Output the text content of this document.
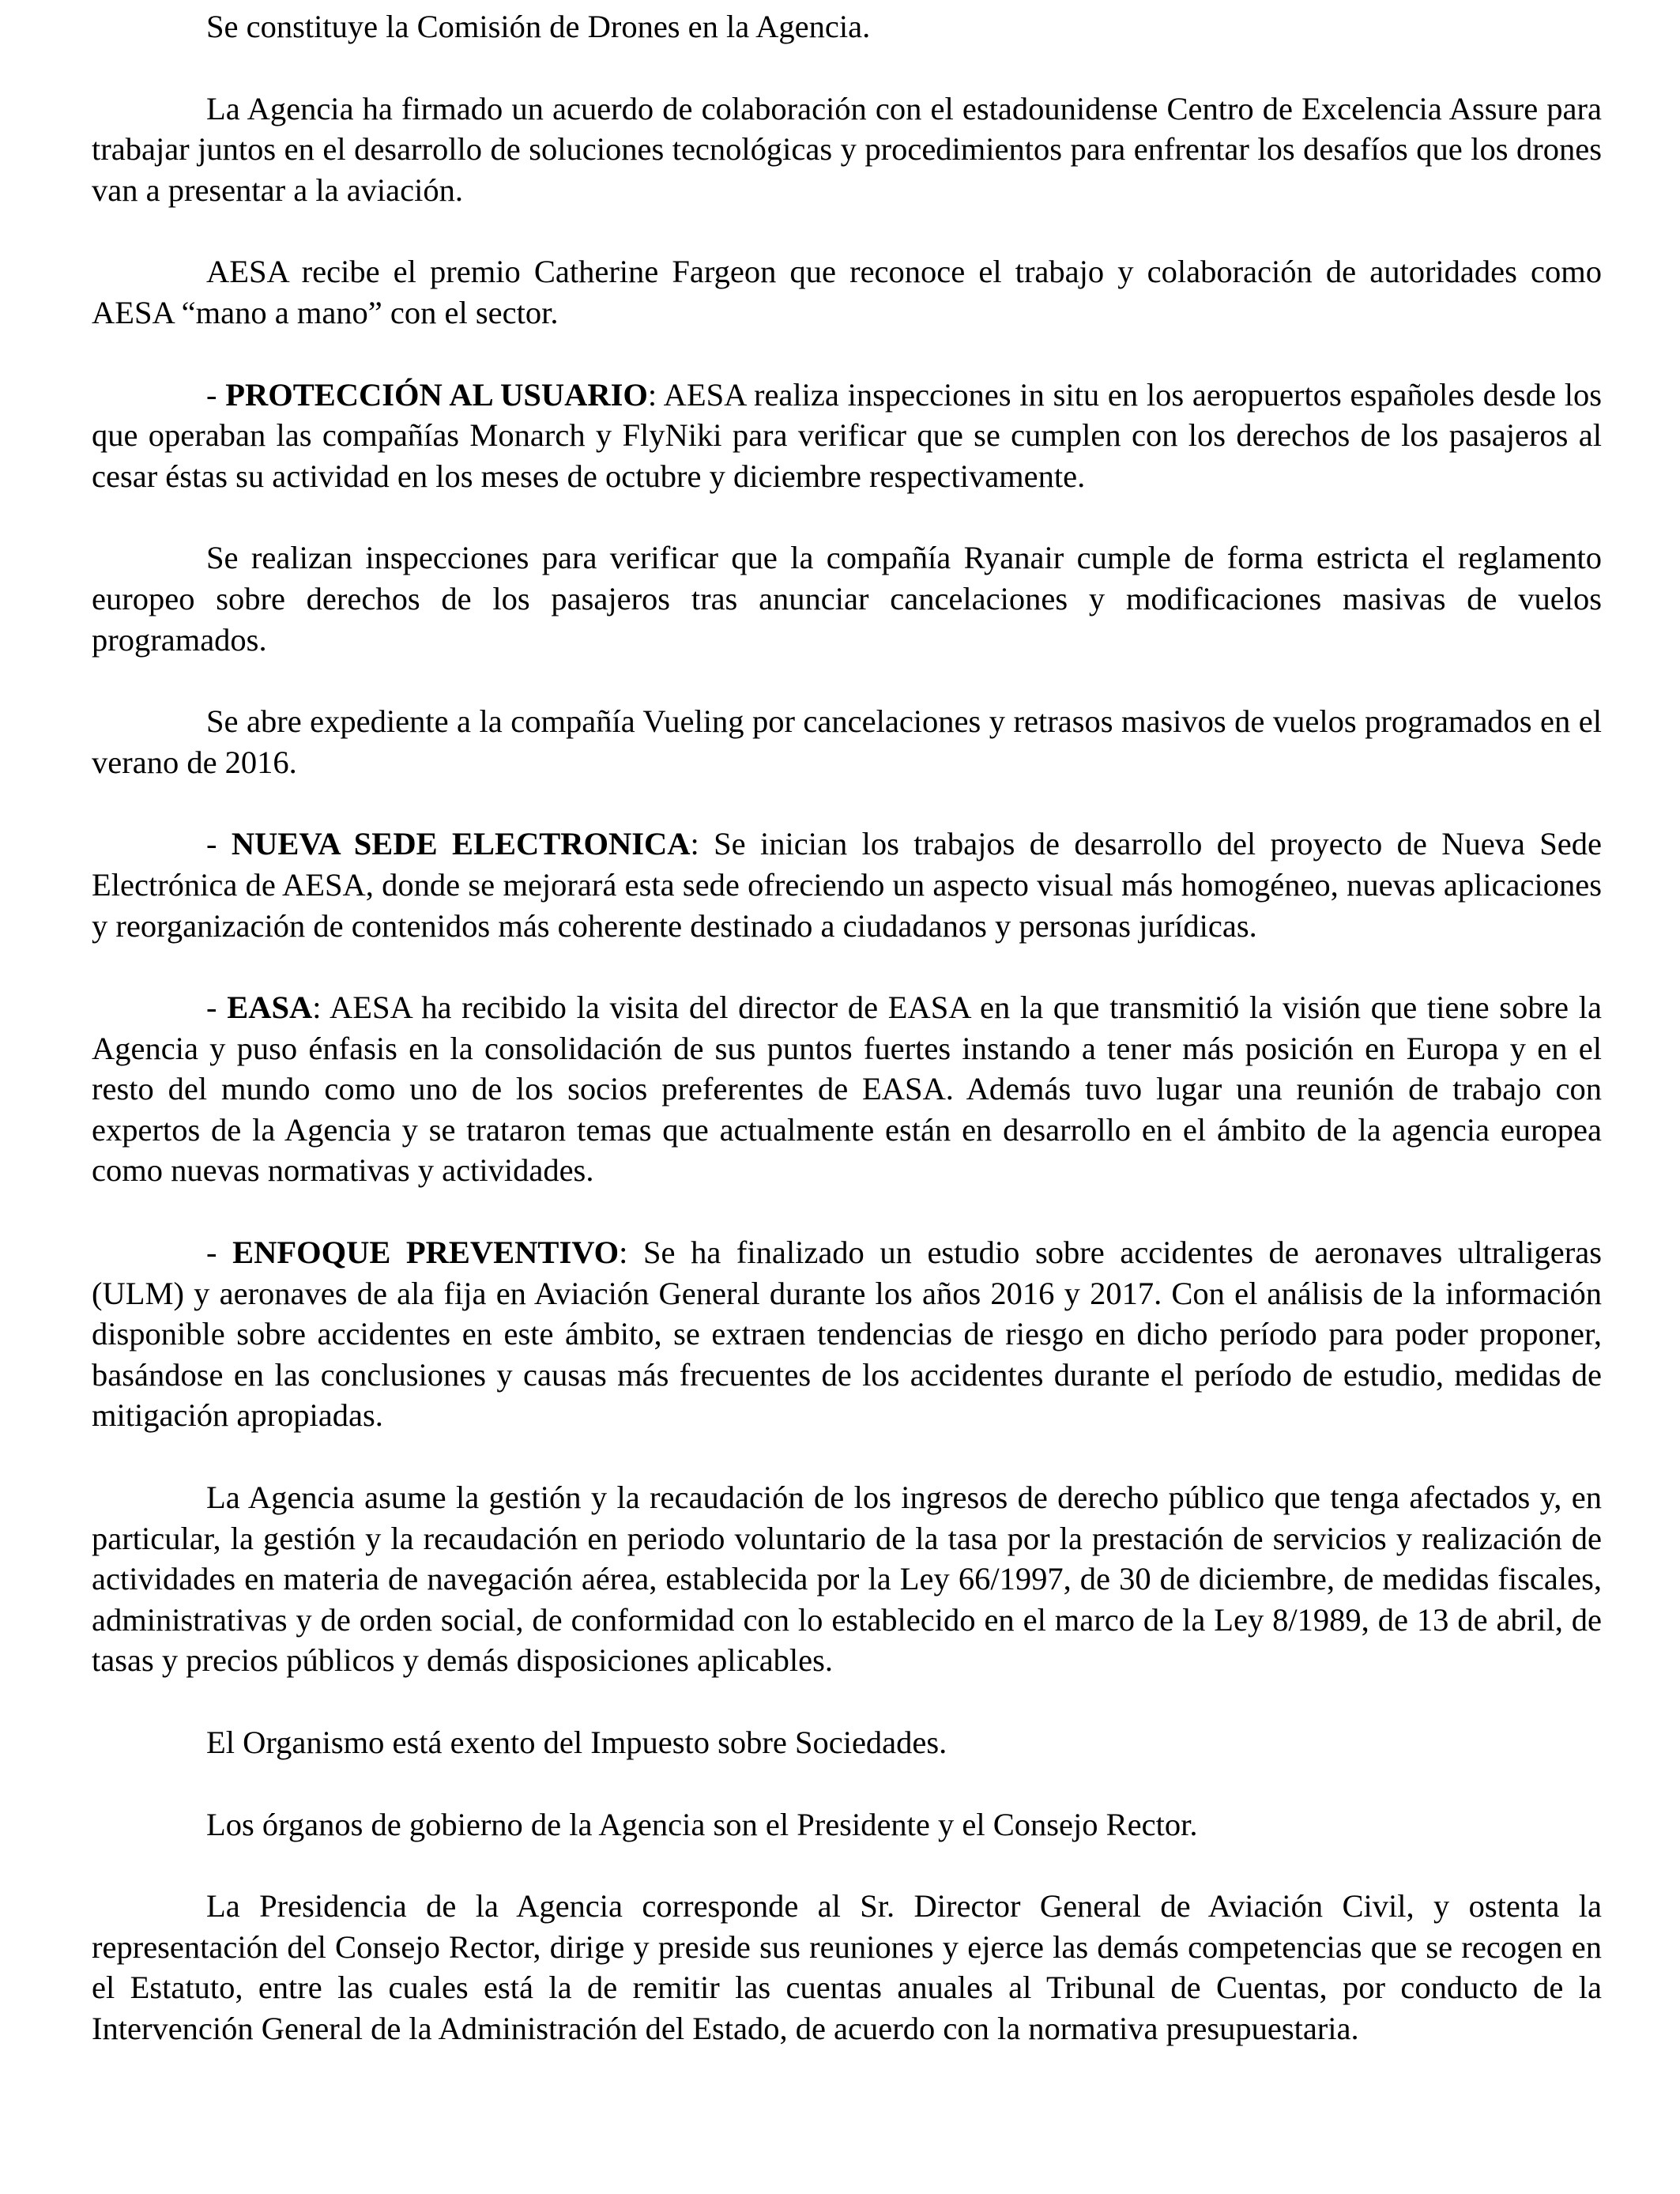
Se constituye la Comisión de Drones en la Agencia.

La Agencia ha firmado un acuerdo de colaboración con el estadounidense Centro de Excelencia Assure para trabajar juntos en el desarrollo de soluciones tecnológicas y procedimientos para enfrentar los desafíos que los drones van a presentar a la aviación.

AESA recibe el premio Catherine Fargeon que reconoce el trabajo y colaboración de autoridades como AESA “mano a mano” con el sector.

- PROTECCIÓN AL USUARIO: AESA realiza inspecciones in situ en los aeropuertos españoles desde los que operaban las compañías Monarch y FlyNiki para verificar que se cumplen con los derechos de los pasajeros al cesar éstas su actividad en los meses de octubre y diciembre respectivamente.

Se realizan inspecciones para verificar que la compañía Ryanair cumple de forma estricta el reglamento europeo sobre derechos de los pasajeros tras anunciar cancelaciones y modificaciones masivas de vuelos programados.

Se abre expediente a la compañía Vueling por cancelaciones y retrasos masivos de vuelos programados en el verano de 2016.

- NUEVA SEDE ELECTRONICA: Se inician los trabajos de desarrollo del proyecto de Nueva Sede Electrónica de AESA, donde se mejorará esta sede ofreciendo un aspecto visual más homogéneo, nuevas aplicaciones y reorganización de contenidos más coherente destinado a ciudadanos y personas jurídicas.

- EASA: AESA ha recibido la visita del director de EASA en la que transmitió la visión que tiene sobre la Agencia y puso énfasis en la consolidación de sus puntos fuertes instando a tener más posición en Europa y en el resto del mundo como uno de los socios preferentes de EASA. Además tuvo lugar una reunión de trabajo con expertos de la Agencia y se trataron temas que actualmente están en desarrollo en el ámbito de la agencia europea como nuevas normativas y actividades.

- ENFOQUE PREVENTIVO: Se ha finalizado un estudio sobre accidentes de aeronaves ultraligeras (ULM) y aeronaves de ala fija en Aviación General durante los años 2016 y 2017. Con el análisis de la información disponible sobre accidentes en este ámbito, se extraen tendencias de riesgo en dicho período para poder proponer, basándose en las conclusiones y causas más frecuentes de los accidentes durante el período de estudio, medidas de mitigación apropiadas.

La Agencia asume la gestión y la recaudación de los ingresos de derecho público que tenga afectados y, en particular, la gestión y la recaudación en periodo voluntario de la tasa por la prestación de servicios y realización de actividades en materia de navegación aérea, establecida por la Ley 66/1997, de 30 de diciembre, de medidas fiscales, administrativas y de orden social, de conformidad con lo establecido en el marco de la Ley 8/1989, de 13 de abril, de tasas y precios públicos y demás disposiciones aplicables.

El Organismo está exento del Impuesto sobre Sociedades.

Los órganos de gobierno de la Agencia son el Presidente y el Consejo Rector.

La Presidencia de la Agencia corresponde al Sr. Director General de Aviación Civil, y ostenta la representación del Consejo Rector, dirige y preside sus reuniones y ejerce las demás competencias que se recogen en el Estatuto, entre las cuales está la de remitir las cuentas anuales al Tribunal de Cuentas, por conducto de la Intervención General de la Administración del Estado, de acuerdo con la normativa presupuestaria.
